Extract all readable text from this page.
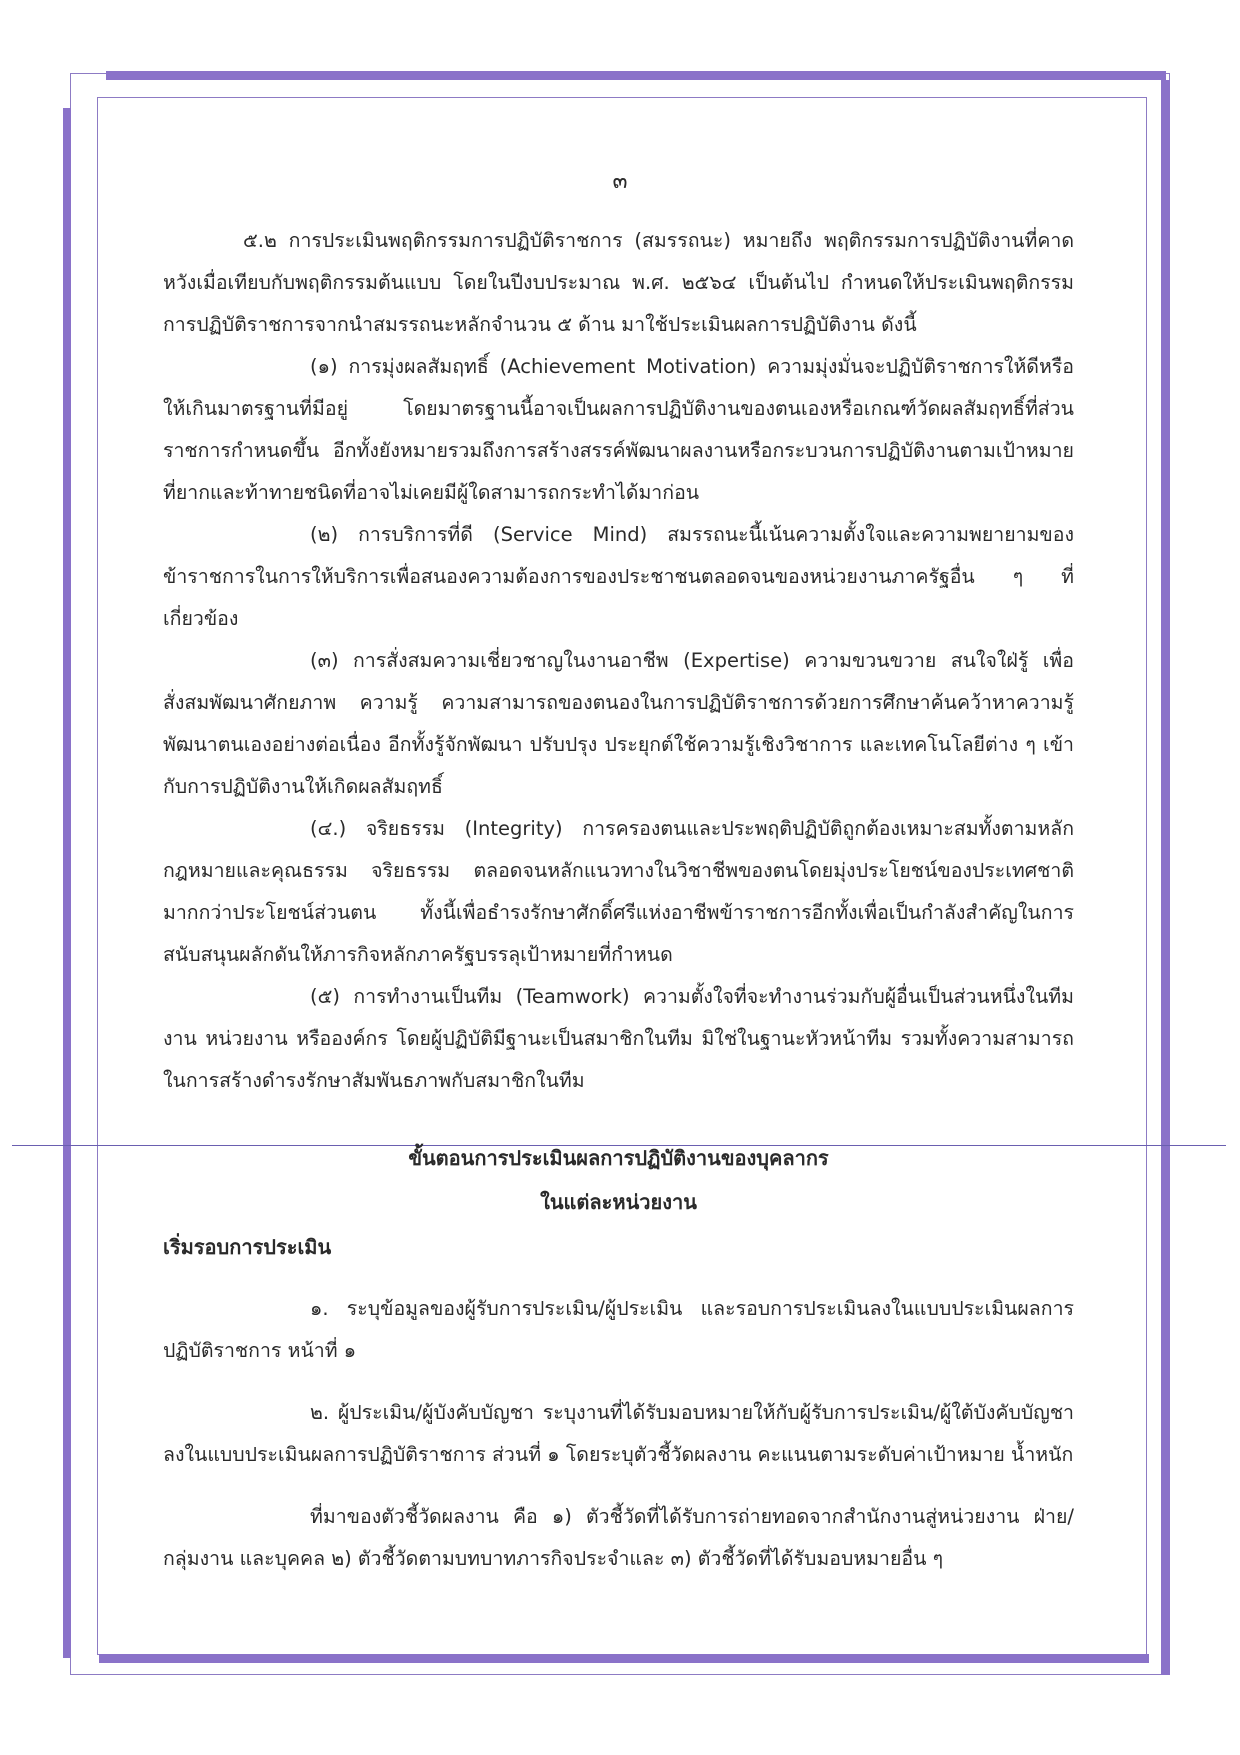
๓

๕.๒ การประเมินพฤติกรรมการปฏิบัติราชการ (สมรรถนะ) หมายถึง พฤติกรรมการปฏิบัติงานที่คาดหวังเมื่อเทียบกับพฤติกรรมต้นแบบ โดยในปีงบประมาณ พ.ศ. ๒๕๖๔ เป็นต้นไป กำหนดให้ประเมินพฤติกรรมการปฏิบัติราชการจากนำสมรรถนะหลักจำนวน ๕ ด้าน มาใช้ประเมินผลการปฏิบัติงาน ดังนี้

(๑) การมุ่งผลสัมฤทธิ์ (Achievement Motivation) ความมุ่งมั่นจะปฏิบัติราชการให้ดีหรือให้เกินมาตรฐานที่มีอยู่ โดยมาตรฐานนี้อาจเป็นผลการปฏิบัติงานของตนเองหรือเกณฑ์วัดผลสัมฤทธิ์ที่ส่วนราชการกำหนดขึ้น อีกทั้งยังหมายรวมถึงการสร้างสรรค์พัฒนาผลงานหรือกระบวนการปฏิบัติงานตามเป้าหมายที่ยากและท้าทายชนิดที่อาจไม่เคยมีผู้ใดสามารถกระทำได้มาก่อน

(๒) การบริการที่ดี (Service Mind) สมรรถนะนี้เน้นความตั้งใจและความพยายามของข้าราชการในการให้บริการเพื่อสนองความต้องการของประชาชนตลอดจนของหน่วยงานภาครัฐอื่น ๆ ที่เกี่ยวข้อง

(๓) การสั่งสมความเชี่ยวชาญในงานอาชีพ (Expertise) ความขวนขวาย สนใจใฝ่รู้ เพื่อสั่งสมพัฒนาศักยภาพ ความรู้ ความสามารถของตนองในการปฏิบัติราชการด้วยการศึกษาค้นคว้าหาความรู้ พัฒนาตนเองอย่างต่อเนื่อง อีกทั้งรู้จักพัฒนา ปรับปรุง ประยุกต์ใช้ความรู้เชิงวิชาการ และเทคโนโลยีต่าง ๆ เข้ากับการปฏิบัติงานให้เกิดผลสัมฤทธิ์

(๔.) จริยธรรม (Integrity) การครองตนและประพฤติปฏิบัติถูกต้องเหมาะสมทั้งตามหลักกฎหมายและคุณธรรม จริยธรรม ตลอดจนหลักแนวทางในวิชาชีพของตนโดยมุ่งประโยชน์ของประเทศชาติมากกว่าประโยชน์ส่วนตน ทั้งนี้เพื่อธำรงรักษาศักดิ์ศรีแห่งอาชีพข้าราชการอีกทั้งเพื่อเป็นกำลังสำคัญในการสนับสนุนผลักดันให้ภารกิจหลักภาครัฐบรรลุเป้าหมายที่กำหนด

(๕) การทำงานเป็นทีม (Teamwork) ความตั้งใจที่จะทำงานร่วมกับผู้อื่นเป็นส่วนหนึ่งในทีมงาน หน่วยงาน หรือองค์กร โดยผู้ปฏิบัติมีฐานะเป็นสมาชิกในทีม มิใช่ในฐานะหัวหน้าทีม รวมทั้งความสามารถในการสร้างดำรงรักษาสัมพันธภาพกับสมาชิกในทีม

ขั้นตอนการประเมินผลการปฏิบัติงานของบุคลากร
ในแต่ละหน่วยงาน
เริ่มรอบการประเมิน

๑. ระบุข้อมูลของผู้รับการประเมิน/ผู้ประเมิน และรอบการประเมินลงในแบบประเมินผลการปฏิบัติราชการ หน้าที่ ๑

๒. ผู้ประเมิน/ผู้บังคับบัญชา ระบุงานที่ได้รับมอบหมายให้กับผู้รับการประเมิน/ผู้ใต้บังคับบัญชาลงในแบบประเมินผลการปฏิบัติราชการ ส่วนที่ ๑ โดยระบุตัวชี้วัดผลงาน คะแนนตามระดับค่าเป้าหมาย น้ำหนัก

ที่มาของตัวชี้วัดผลงาน คือ ๑) ตัวชี้วัดที่ได้รับการถ่ายทอดจากสำนักงานสู่หน่วยงาน ฝ่าย/กลุ่มงาน และบุคคล ๒) ตัวชี้วัดตามบทบาทภารกิจประจำและ ๓) ตัวชี้วัดที่ได้รับมอบหมายอื่น ๆ
